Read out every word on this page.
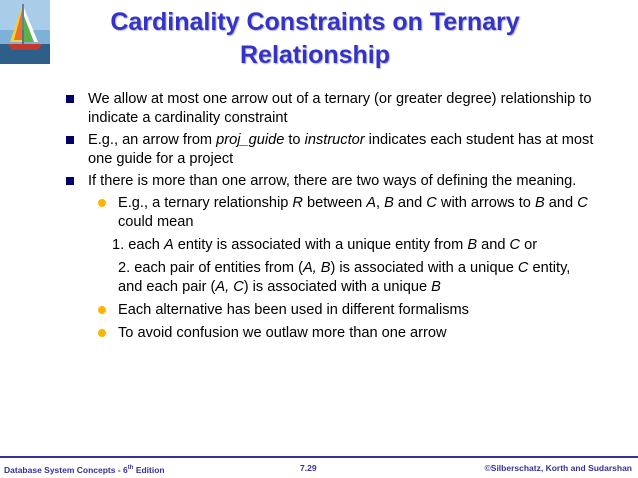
Cardinality Constraints on Ternary
Relationship
We allow at most one arrow out of a ternary (or greater degree) relationship to indicate a cardinality constraint
E.g., an arrow from proj_guide to instructor indicates each student has at most one guide for a project
If there is more than one arrow, there are two ways of defining the meaning.
E.g., a ternary relationship R between A, B and C with arrows to B and C could mean
1. each A entity is associated with a unique entity from B and C or
2. each pair of entities from (A, B) is associated with a unique C entity, and each pair (A, C) is associated with a unique B
Each alternative has been used in different formalisms
To avoid confusion we outlaw more than one arrow
Database System Concepts - 6th Edition	7.29	©Silberschatz, Korth and Sudarshan
